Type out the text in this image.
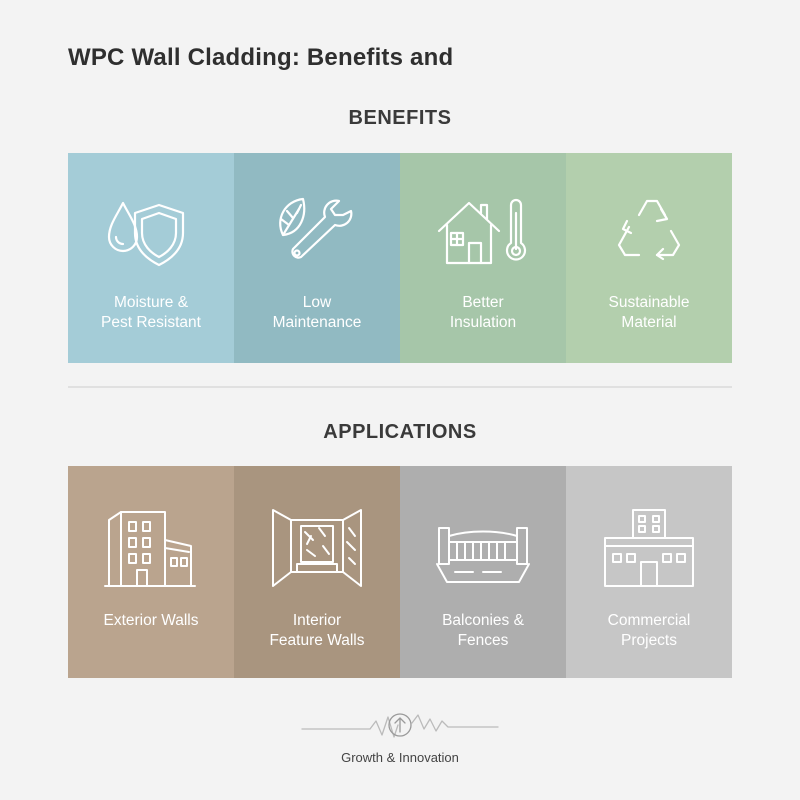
WPC Wall Cladding: Benefits and
BENEFITS
Moisture &
Pest Resistant
Low
Maintenance
Better
Insulation
Sustainable
Material
APPLICATIONS
Exterior Walls	Interior
Feature Walls
Balconies &
Fences
Commercial
Projects
Growth & Innovation
